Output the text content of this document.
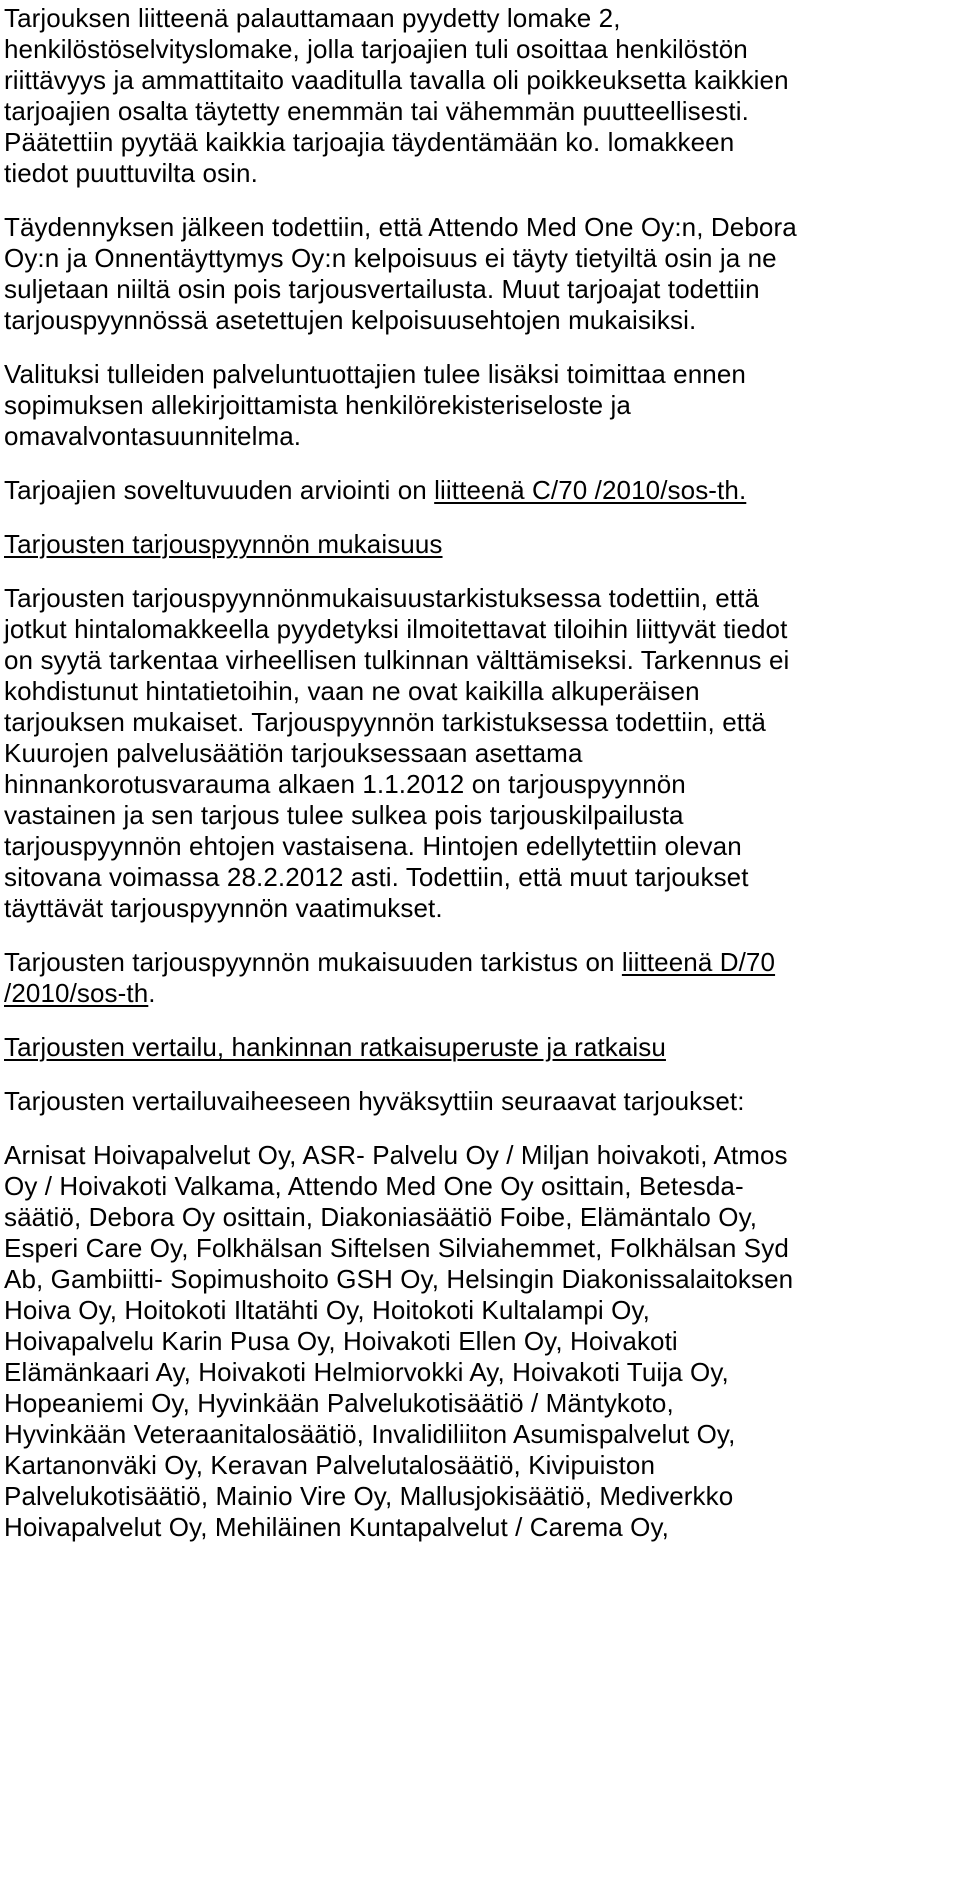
Tarjouksen liitteenä palauttamaan pyydetty lomake 2,
henkilöstöselvityslomake, jolla tarjoajien tuli osoittaa henkilöstön
riittävyys ja ammattitaito vaaditulla tavalla oli poikkeuksetta kaikkien
tarjoajien osalta täytetty enemmän tai vähemmän puutteellisesti.
Päätettiin pyytää kaikkia tarjoajia täydentämään ko. lomakkeen
tiedot puuttuvilta osin.
Täydennyksen jälkeen todettiin, että Attendo Med One Oy:n, Debora
Oy:n ja Onnentäyttymys Oy:n kelpoisuus ei täyty tietyiltä osin ja ne
suljetaan niiltä osin pois tarjousvertailusta. Muut tarjoajat todettiin
tarjouspyynnössä asetettujen kelpoisuusehtojen mukaisiksi.
Valituksi tulleiden palveluntuottajien tulee lisäksi toimittaa ennen
sopimuksen allekirjoittamista henkilörekisteriseloste ja
omavalvontasuunnitelma.
Tarjoajien soveltuvuuden arviointi on liitteenä C/70 /2010/sos-th.
Tarjousten tarjouspyynnön mukaisuus
Tarjousten tarjouspyynnönmukaisuustarkistuksessa todettiin, että
jotkut hintalomakkeella pyydetyksi ilmoitettavat tiloihin liittyvät tiedot
on syytä tarkentaa virheellisen tulkinnan välttämiseksi. Tarkennus ei
kohdistunut hintatietoihin, vaan ne ovat kaikilla alkuperäisen
tarjouksen mukaiset. Tarjouspyynnön tarkistuksessa todettiin, että
Kuurojen palvelusäätiön tarjouksessaan asettama
hinnankorotusvarauma alkaen 1.1.2012 on tarjouspyynnön
vastainen ja sen tarjous tulee sulkea pois tarjouskilpailusta
tarjouspyynnön ehtojen vastaisena. Hintojen edellytettiin olevan
sitovana voimassa 28.2.2012 asti. Todettiin, että muut tarjoukset
täyttävät tarjouspyynnön vaatimukset.
Tarjousten tarjouspyynnön mukaisuuden tarkistus on liitteenä D/70
/2010/sos-th.
Tarjousten vertailu, hankinnan ratkaisuperuste ja ratkaisu
Tarjousten vertailuvaiheeseen hyväksyttiin seuraavat tarjoukset:
Arnisat Hoivapalvelut Oy, ASR- Palvelu Oy / Miljan hoivakoti, Atmos
Oy / Hoivakoti Valkama, Attendo Med One Oy osittain, Betesda-
säätiö, Debora Oy osittain, Diakoniasäätiö Foibe, Elämäntalo Oy,
Esperi Care Oy, Folkhälsan Siftelsen Silviahemmet, Folkhälsan Syd
Ab, Gambiitti- Sopimushoito GSH Oy, Helsingin Diakonissalaitoksen
Hoiva Oy, Hoitokoti Iltatähti Oy, Hoitokoti Kultalampi Oy,
Hoivapalvelu Karin Pusa Oy, Hoivakoti Ellen Oy, Hoivakoti
Elämänkaari Ay, Hoivakoti Helmiorvokki Ay, Hoivakoti Tuija Oy,
Hopeaniemi Oy, Hyvinkään Palvelukotisäätiö / Mäntykoto,
Hyvinkään Veteraanitalosäätiö, Invalidiliiton Asumispalvelut Oy,
Kartanonväki Oy, Keravan Palvelutalosäätiö, Kivipuiston
Palvelukotisäätiö, Mainio Vire Oy, Mallusjokisäätiö, Mediverkko
Hoivapalvelut Oy, Mehiläinen Kuntapalvelut / Carema Oy,
